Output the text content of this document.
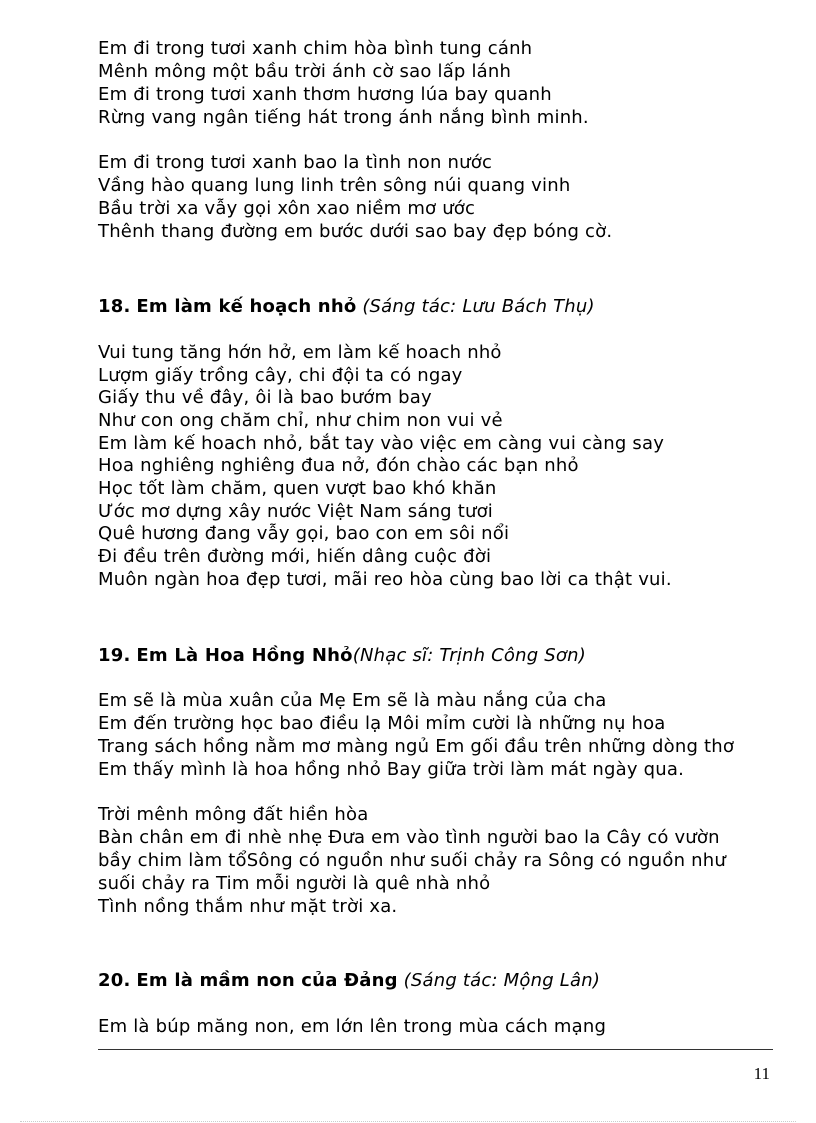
Em đi trong tươi xanh chim hòa bình tung cánh
Mênh mông một bầu trời ánh cờ sao lấp lánh
Em đi trong tươi xanh thơm hương lúa bay quanh
Rừng vang ngân tiếng hát trong ánh nắng bình minh.
Em đi trong tươi xanh bao la tình non nước
Vầng hào quang lung linh trên sông núi quang vinh
Bầu trời xa vẫy gọi xôn xao niềm mơ ước
Thênh thang đường em bước dưới sao bay đẹp bóng cờ.
18. Em làm kế hoạch nhỏ (Sáng tác: Lưu Bách Thụ)
Vui tung tăng hớn hở, em làm kế hoach nhỏ
Lượm giấy trồng cây, chi đội ta có ngay
Giấy thu về đây, ôi là bao bướm bay
Như con ong chăm chỉ, như chim non vui vẻ
Em làm kế hoach nhỏ, bắt tay vào việc em càng vui càng say
Hoa nghiêng nghiêng đua nở, đón chào các bạn nhỏ
Học tốt làm chăm, quen vượt bao khó khăn
Ước mơ dựng xây nước Việt Nam sáng tươi
Quê hương đang vẫy gọi, bao con em sôi nổi
Đi đều trên đường mới, hiến dâng cuộc đời
Muôn ngàn hoa đẹp tươi, mãi reo hòa cùng bao lời ca thật vui.
19. Em Là Hoa Hồng Nhỏ(Nhạc sĩ: Trịnh Công Sơn)
Em sẽ là mùa xuân của Mẹ Em sẽ là màu nắng của cha
Em đến trường học bao điều lạ Môi mỉm cười là những nụ hoa
Trang sách hồng nằm mơ màng ngủ Em gối đầu trên những dòng thơ
Em thấy mình là hoa hồng nhỏ Bay giữa trời làm mát ngày qua.
Trời mênh mông đất hiền hòa
Bàn chân em đi nhè nhẹ Đưa em vào tình người bao la Cây có vườn
bầy chim làm tổSông có nguồn như suối chảy ra Sông có nguồn như
suối chảy ra Tim mỗi người là quê nhà nhỏ
Tình nồng thắm như mặt trời xa.
20. Em là mầm non của Đảng (Sáng tác: Mộng Lân)
Em là búp măng non, em lớn lên trong mùa cách mạng
11
